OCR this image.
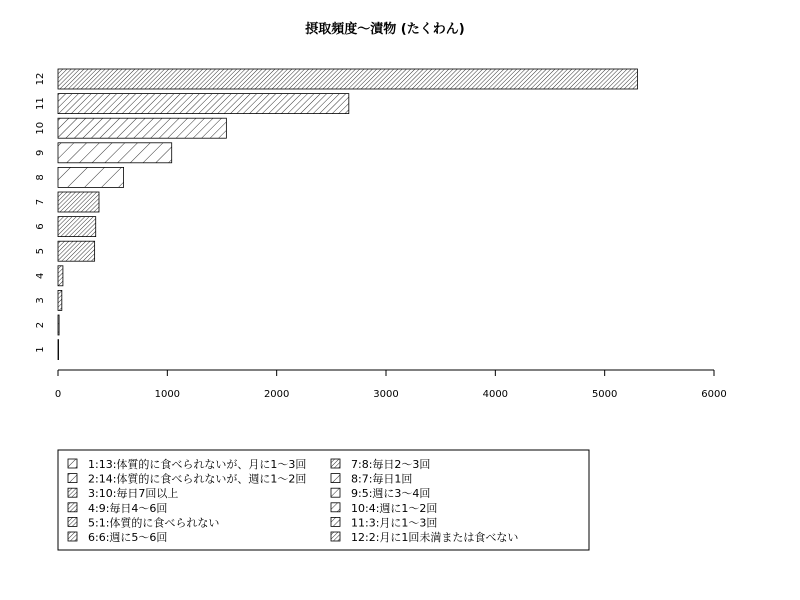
摂取頻度〜漬物 (たくわん)
1
2
3
4
5
6
7
8
9
10
11
12
0	1000	2000	3000	4000	5000	6000
1:13:体質的に食べられないが、月に1〜3回
2:14:体質的に食べられないが、週に1〜2回
3:10:毎日7回以上
4:9:毎日4〜6回
5:1:体質的に食べられない
6:6:週に5〜6回
7:8:毎日2〜3回
8:7:毎日1回
9:5:週に3〜4回
10:4:週に1〜2回
11:3:月に1〜3回
12:2:月に1回未満または食べない
